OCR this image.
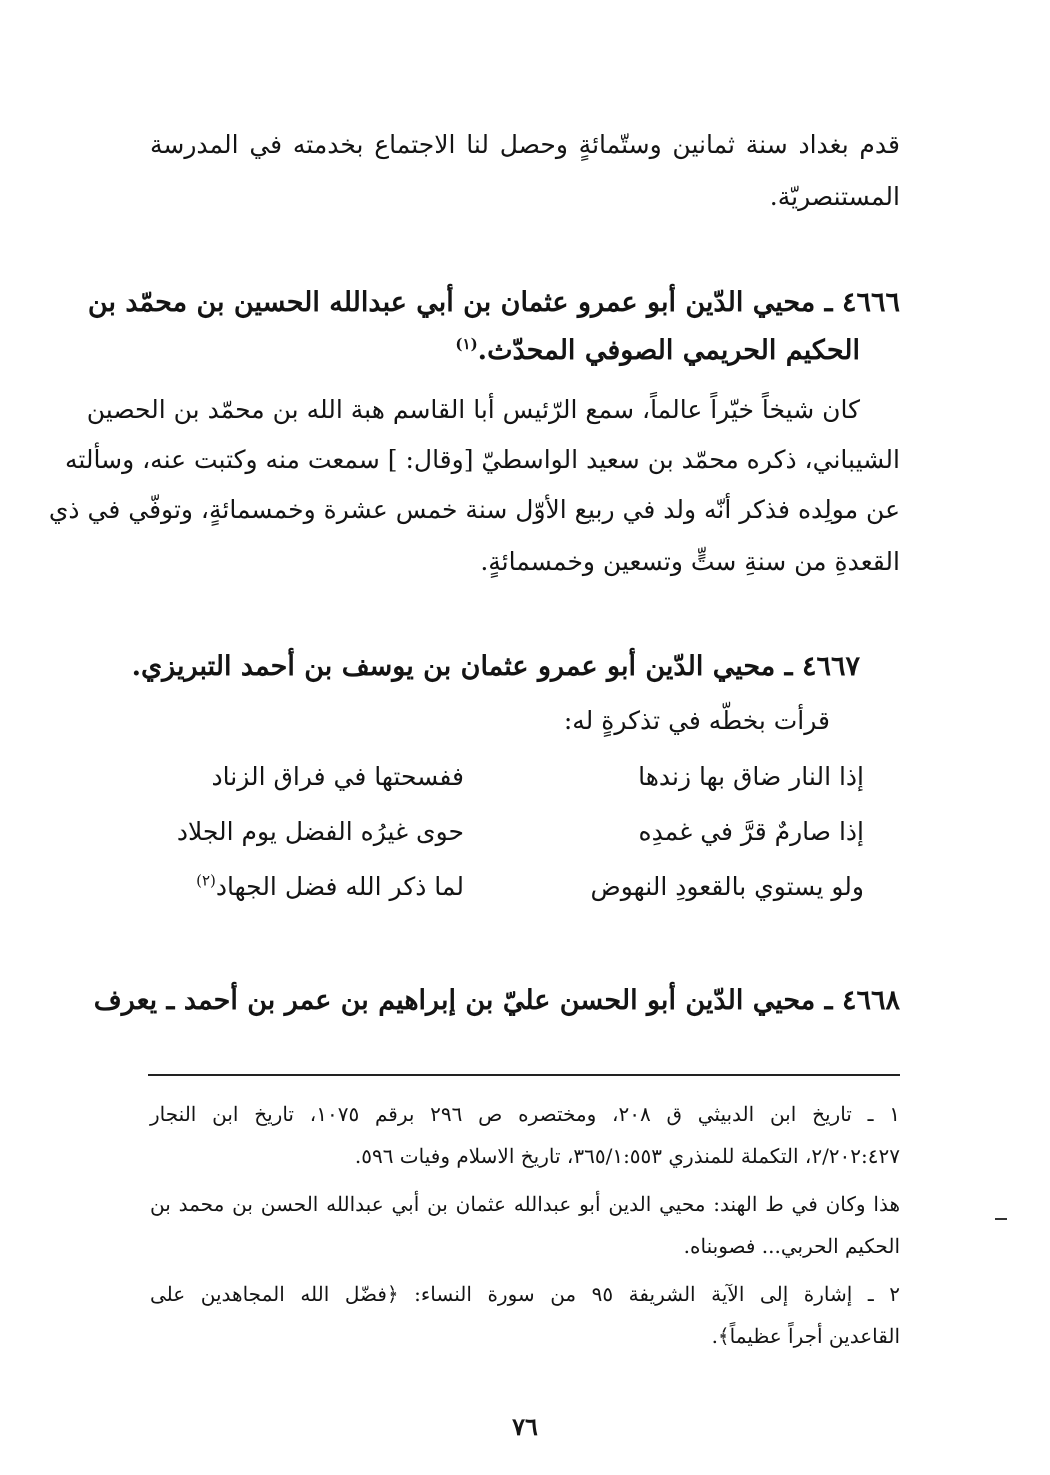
قدم بغداد سنة ثمانين وستّمائةٍ وحصل لنا الاجتماع بخدمته في المدرسة
المستنصريّة.
٤٦٦٦ ـ محيي الدّين أبو عمرو عثمان بن أبي عبدالله الحسين بن محمّد بن
الحكيم الحريمي الصوفي المحدّث.$^{(١)}$
كان شيخاً خيّراً عالماً، سمع الرّئيس أبا القاسم هبة الله بن محمّد بن الحصين
الشيباني، ذكره محمّد بن سعيد الواسطيّ [وقال: ] سمعت منه وكتبت عنه، وسألته
عن مولِده فذكر أنّه ولد في ربيع الأوّل سنة خمس عشرة وخمسمائةٍ، وتوفّي في ذي
القعدةِ من سنةِ ستٍّ وتسعين وخمسمائةٍ.
٤٦٦٧ ـ محيي الدّين أبو عمرو عثمان بن يوسف بن أحمد التبريزي.
قرأت بخطّه في تذكرةٍ له:
إذا النار ضاق بها زندها
ففسحتها في فراق الزناد
إذا صارمٌ قرَّ في غمدِه
حوى غيرُه الفضل يوم الجلاد
ولو يستوي بالقعودِ النهوض
لما ذكر الله فضل الجهاد$^{(٢)}$
٤٦٦٨ ـ محيي الدّين أبو الحسن عليّ بن إبراهيم بن عمر بن أحمد ـ يعرف
١ ـ تاريخ ابن الدبيثي ق ٢٠٨، ومختصره ص ٢٩٦ برقم ١٠٧٥، تاريخ ابن النجار
٢/٢٠٢:٤٢٧، التكملة للمنذري ٣٦٥/١:٥٥٣، تاريخ الاسلام وفيات ٥٩٦.
هذا وكان في ط الهند: محيي الدين أبو عبدالله عثمان بن أبي عبدالله الحسن بن محمد بن
الحكيم الحربي... فصوبناه.
٢ ـ إشارة إلى الآية الشريفة ٩٥ من سورة النساء: ﴿فضّل الله المجاهدين على
القاعدين أجراً عظيماً﴾.
٧٦
